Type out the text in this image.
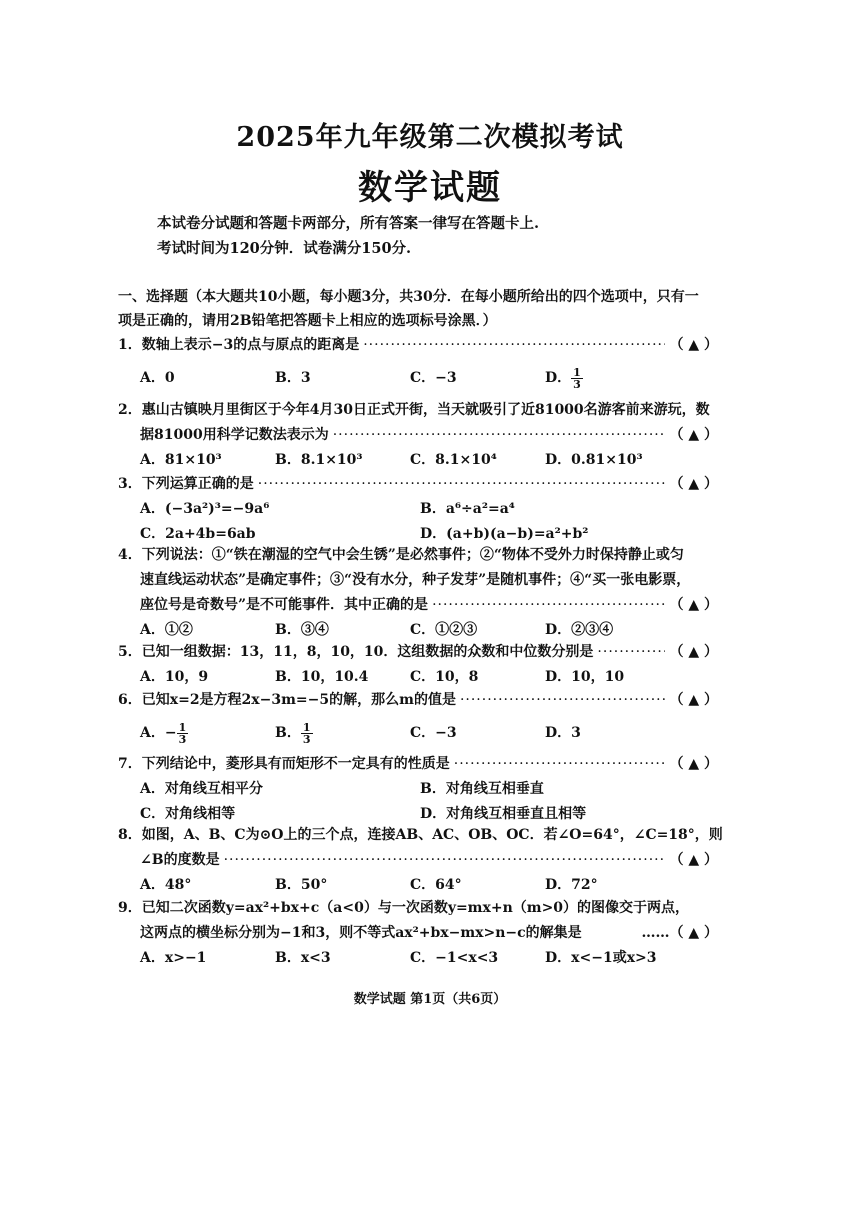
2025年九年级第二次模拟考试
数学试题
本试卷分试题和答题卡两部分，所有答案一律写在答题卡上.
考试时间为120分钟．试卷满分150分.
一、选择题（本大题共10小题，每小题3分，共30分．在每小题所给出的四个选项中，只有一
项是正确的，请用2B铅笔把答题卡上相应的选项标号涂黑．）
1．数轴上表示−3的点与原点的距离是 ·····	（ ▲ ）
A．0	B．3	C．−3	D． $\frac{1}{3}$
2．惠山古镇映月里街区于今年4月30日正式开街，当天就吸引了近81000名游客前来游玩，数
据81000用科学记数法表示为 ·····	（ ▲ ）
A．81×10³	B．8.1×10³	C．8.1×10⁴	D．0.81×10³
3．下列运算正确的是 ·····	（ ▲ ）
A．(−3a²)³=−9a⁶	B．a⁶÷a²=a⁴
C．2a+4b=6ab	D．(a+b)(a−b)=a²+b²
4．下列说法：①“铁在潮湿的空气中会生锈”是必然事件；②“物体不受外力时保持静止或匀
速直线运动状态”是确定事件；③“没有水分，种子发芽”是随机事件；④“买一张电影票，
座位号是奇数号”是不可能事件．其中正确的是 ·····	（ ▲ ）
A．①②	B．③④	C．①②③	D．②③④
5．已知一组数据：13，11，8，10，10．这组数据的众数和中位数分别是 ·····	（ ▲ ）
A．10，9	B．10，10.4	C．10，8	D．10，10
6．已知x=2是方程2x−3m=−5的解，那么m的值是 ·····	（ ▲ ）
A．− $\frac{1}{3}$	B． $\frac{1}{3}$	C．−3	D．3
7．下列结论中，菱形具有而矩形不一定具有的性质是 ·····	（ ▲ ）
A．对角线互相平分	B．对角线互相垂直
C．对角线相等	D．对角线互相垂直且相等
8．如图，A、B、C为⊙O上的三个点，连接AB、AC、OB、OC．若∠O=64°，∠C=18°，则
∠B的度数是 ·····	（ ▲ ）
A．48°	B．50°	C．64°	D．72°
9．已知二次函数y=ax²+bx+c（a<0）与一次函数y=mx+n（m>0）的图像交于两点，
这两点的横坐标分别为−1和3，则不等式ax²+bx−mx>n−c的解集是	……（ ▲ ）
A．x>−1	B．x<3	C．−1<x<3	D．x<−1或x>3
数学试题 第1页（共6页）
